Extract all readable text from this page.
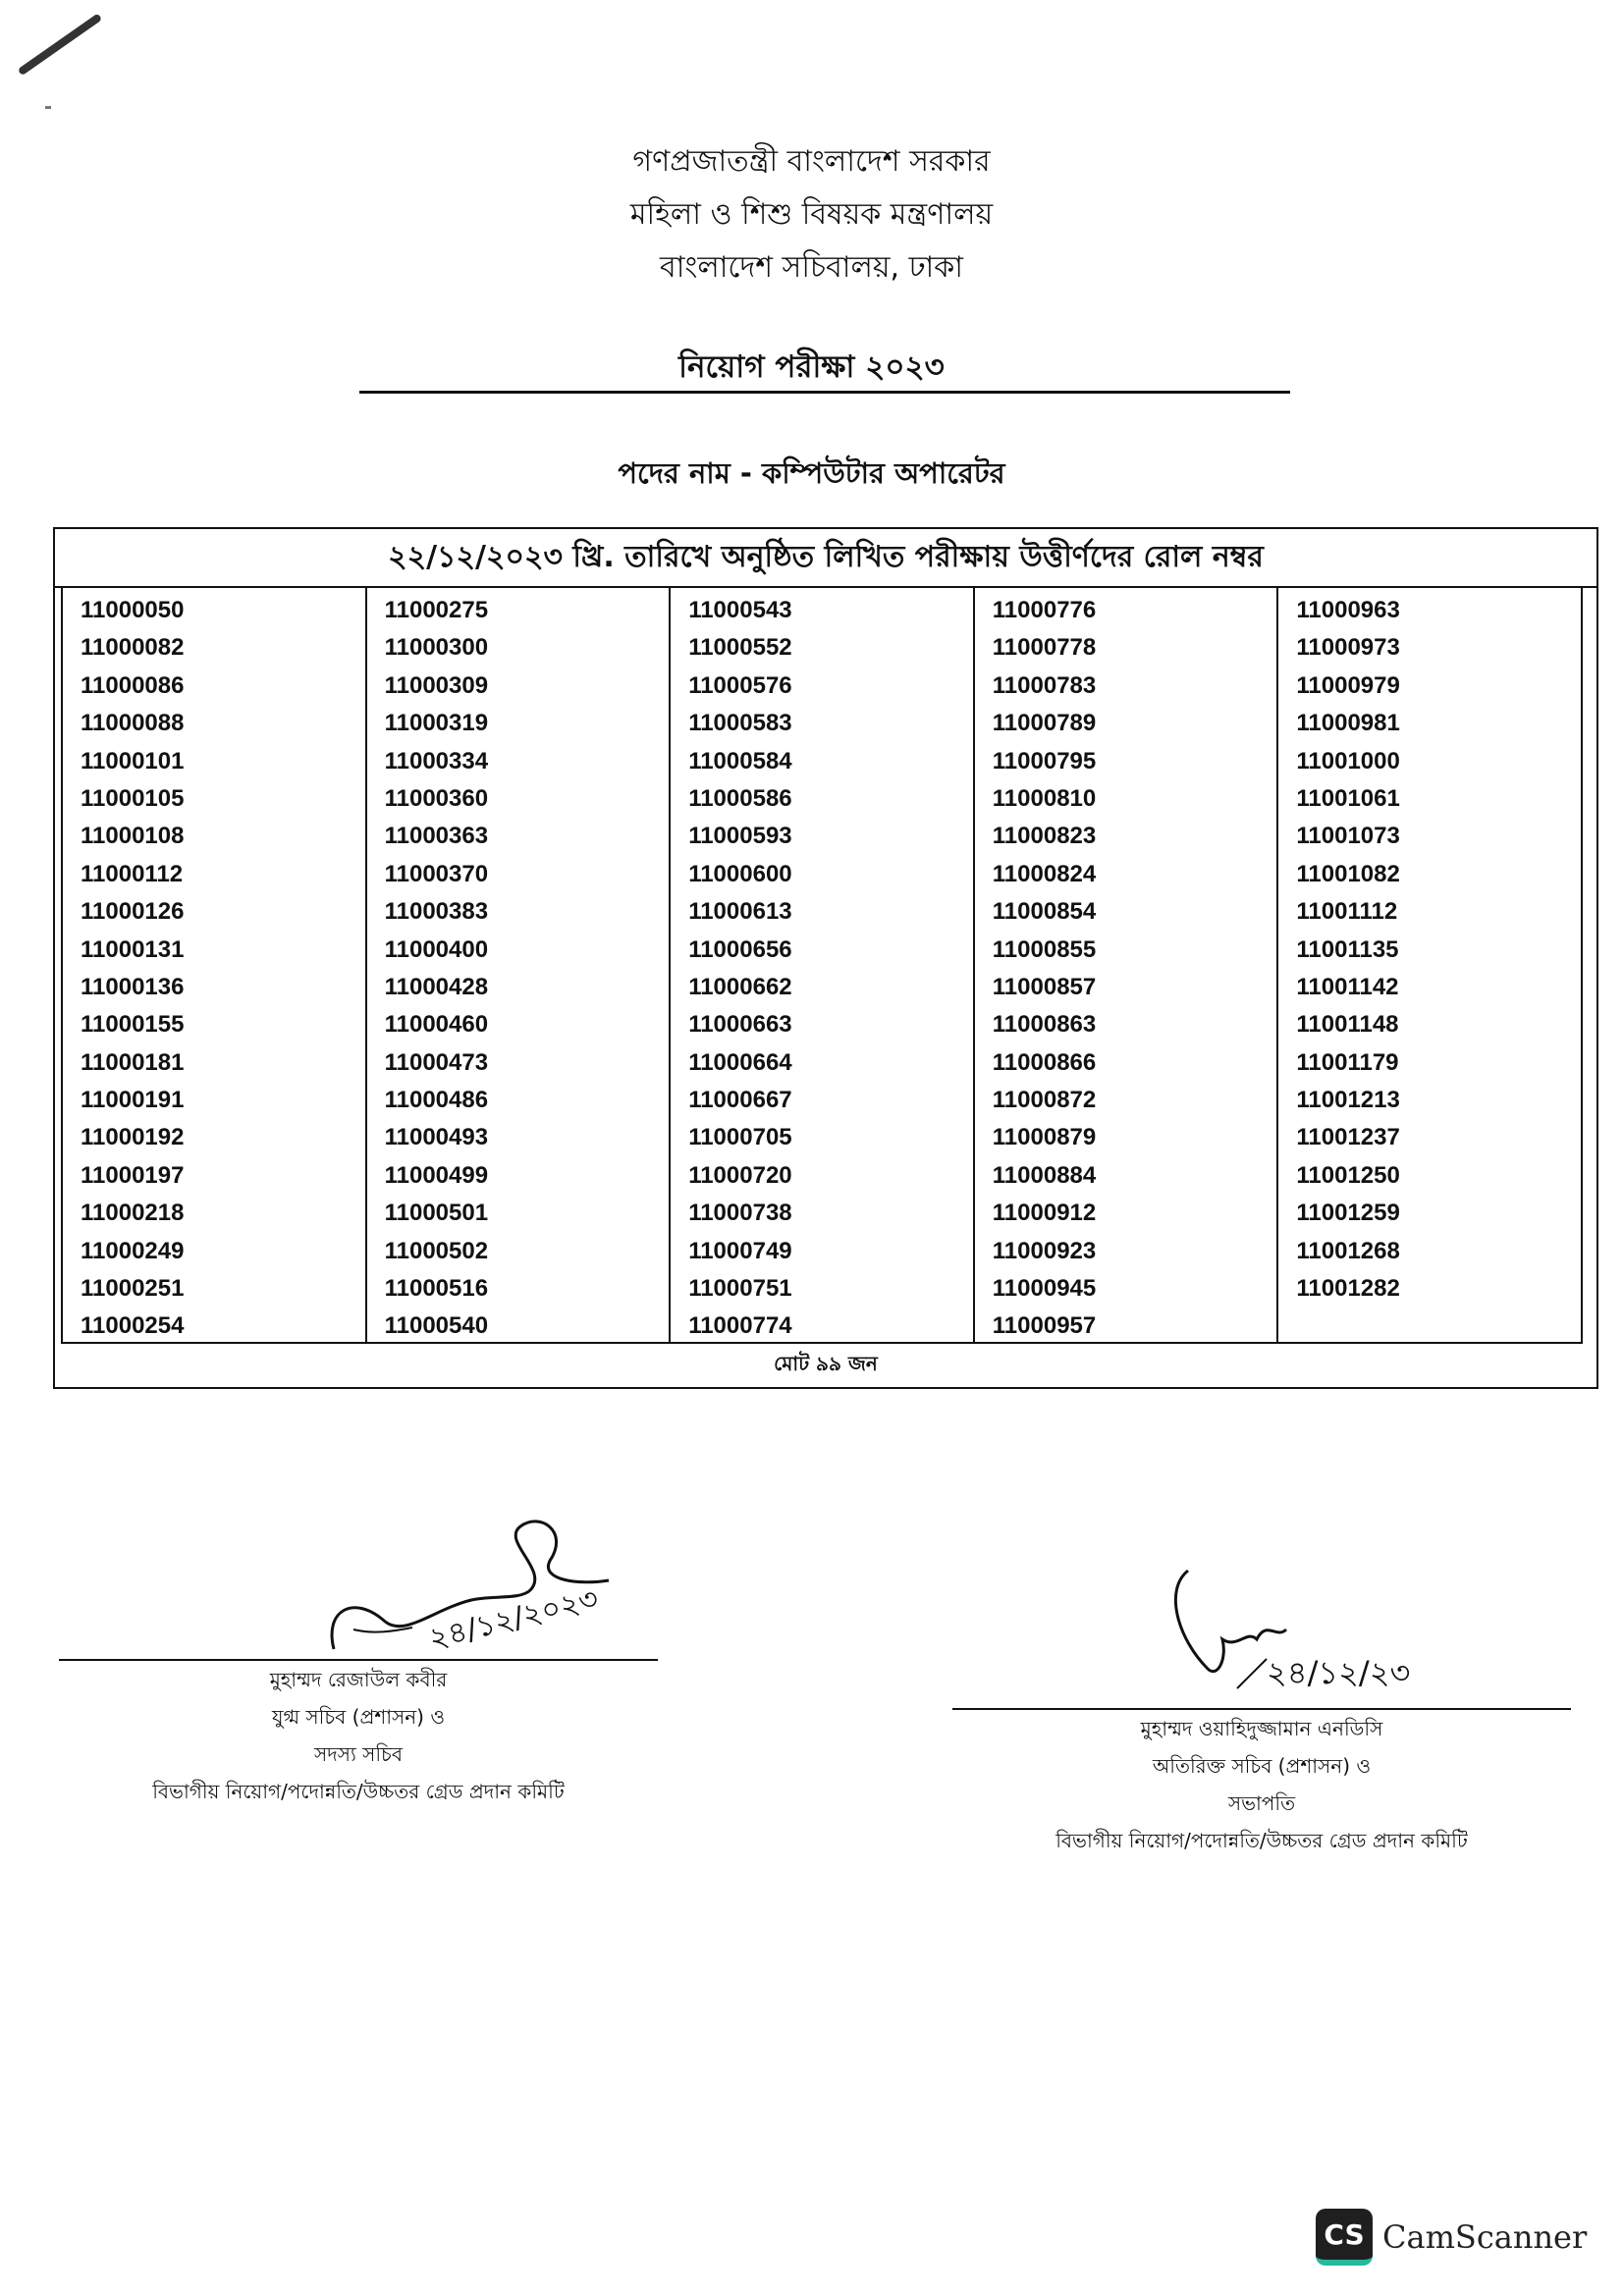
গণপ্রজাতন্ত্রী বাংলাদেশ সরকার
মহিলা ও শিশু বিষয়ক মন্ত্রণালয়
বাংলাদেশ সচিবালয়, ঢাকা
নিয়োগ পরীক্ষা ২০২৩
পদের নাম - কম্পিউটার অপারেটর
২২/১২/২০২৩ খ্রি. তারিখে অনুষ্ঠিত লিখিত পরীক্ষায় উত্তীর্ণদের রোল নম্বর
11000050
11000082
11000086
11000088
11000101
11000105
11000108
11000112
11000126
11000131
11000136
11000155
11000181
11000191
11000192
11000197
11000218
11000249
11000251
11000254
11000275
11000300
11000309
11000319
11000334
11000360
11000363
11000370
11000383
11000400
11000428
11000460
11000473
11000486
11000493
11000499
11000501
11000502
11000516
11000540
11000543
11000552
11000576
11000583
11000584
11000586
11000593
11000600
11000613
11000656
11000662
11000663
11000664
11000667
11000705
11000720
11000738
11000749
11000751
11000774
11000776
11000778
11000783
11000789
11000795
11000810
11000823
11000824
11000854
11000855
11000857
11000863
11000866
11000872
11000879
11000884
11000912
11000923
11000945
11000957
11000963
11000973
11000979
11000981
11001000
11001061
11001073
11001082
11001112
11001135
11001142
11001148
11001179
11001213
11001237
11001250
11001259
11001268
11001282
মোট ৯৯ জন
২৪/১২/২০২৩
মুহাম্মদ রেজাউল কবীর
যুগ্ম সচিব (প্রশাসন) ও
সদস্য সচিব
বিভাগীয় নিয়োগ/পদোন্নতি/উচ্চতর গ্রেড প্রদান কমিটি
২৪/১২/২৩
মুহাম্মদ ওয়াহিদুজ্জামান এনডিসি
অতিরিক্ত সচিব (প্রশাসন) ও
সভাপতি
বিভাগীয় নিয়োগ/পদোন্নতি/উচ্চতর গ্রেড প্রদান কমিটি
CS CamScanner
